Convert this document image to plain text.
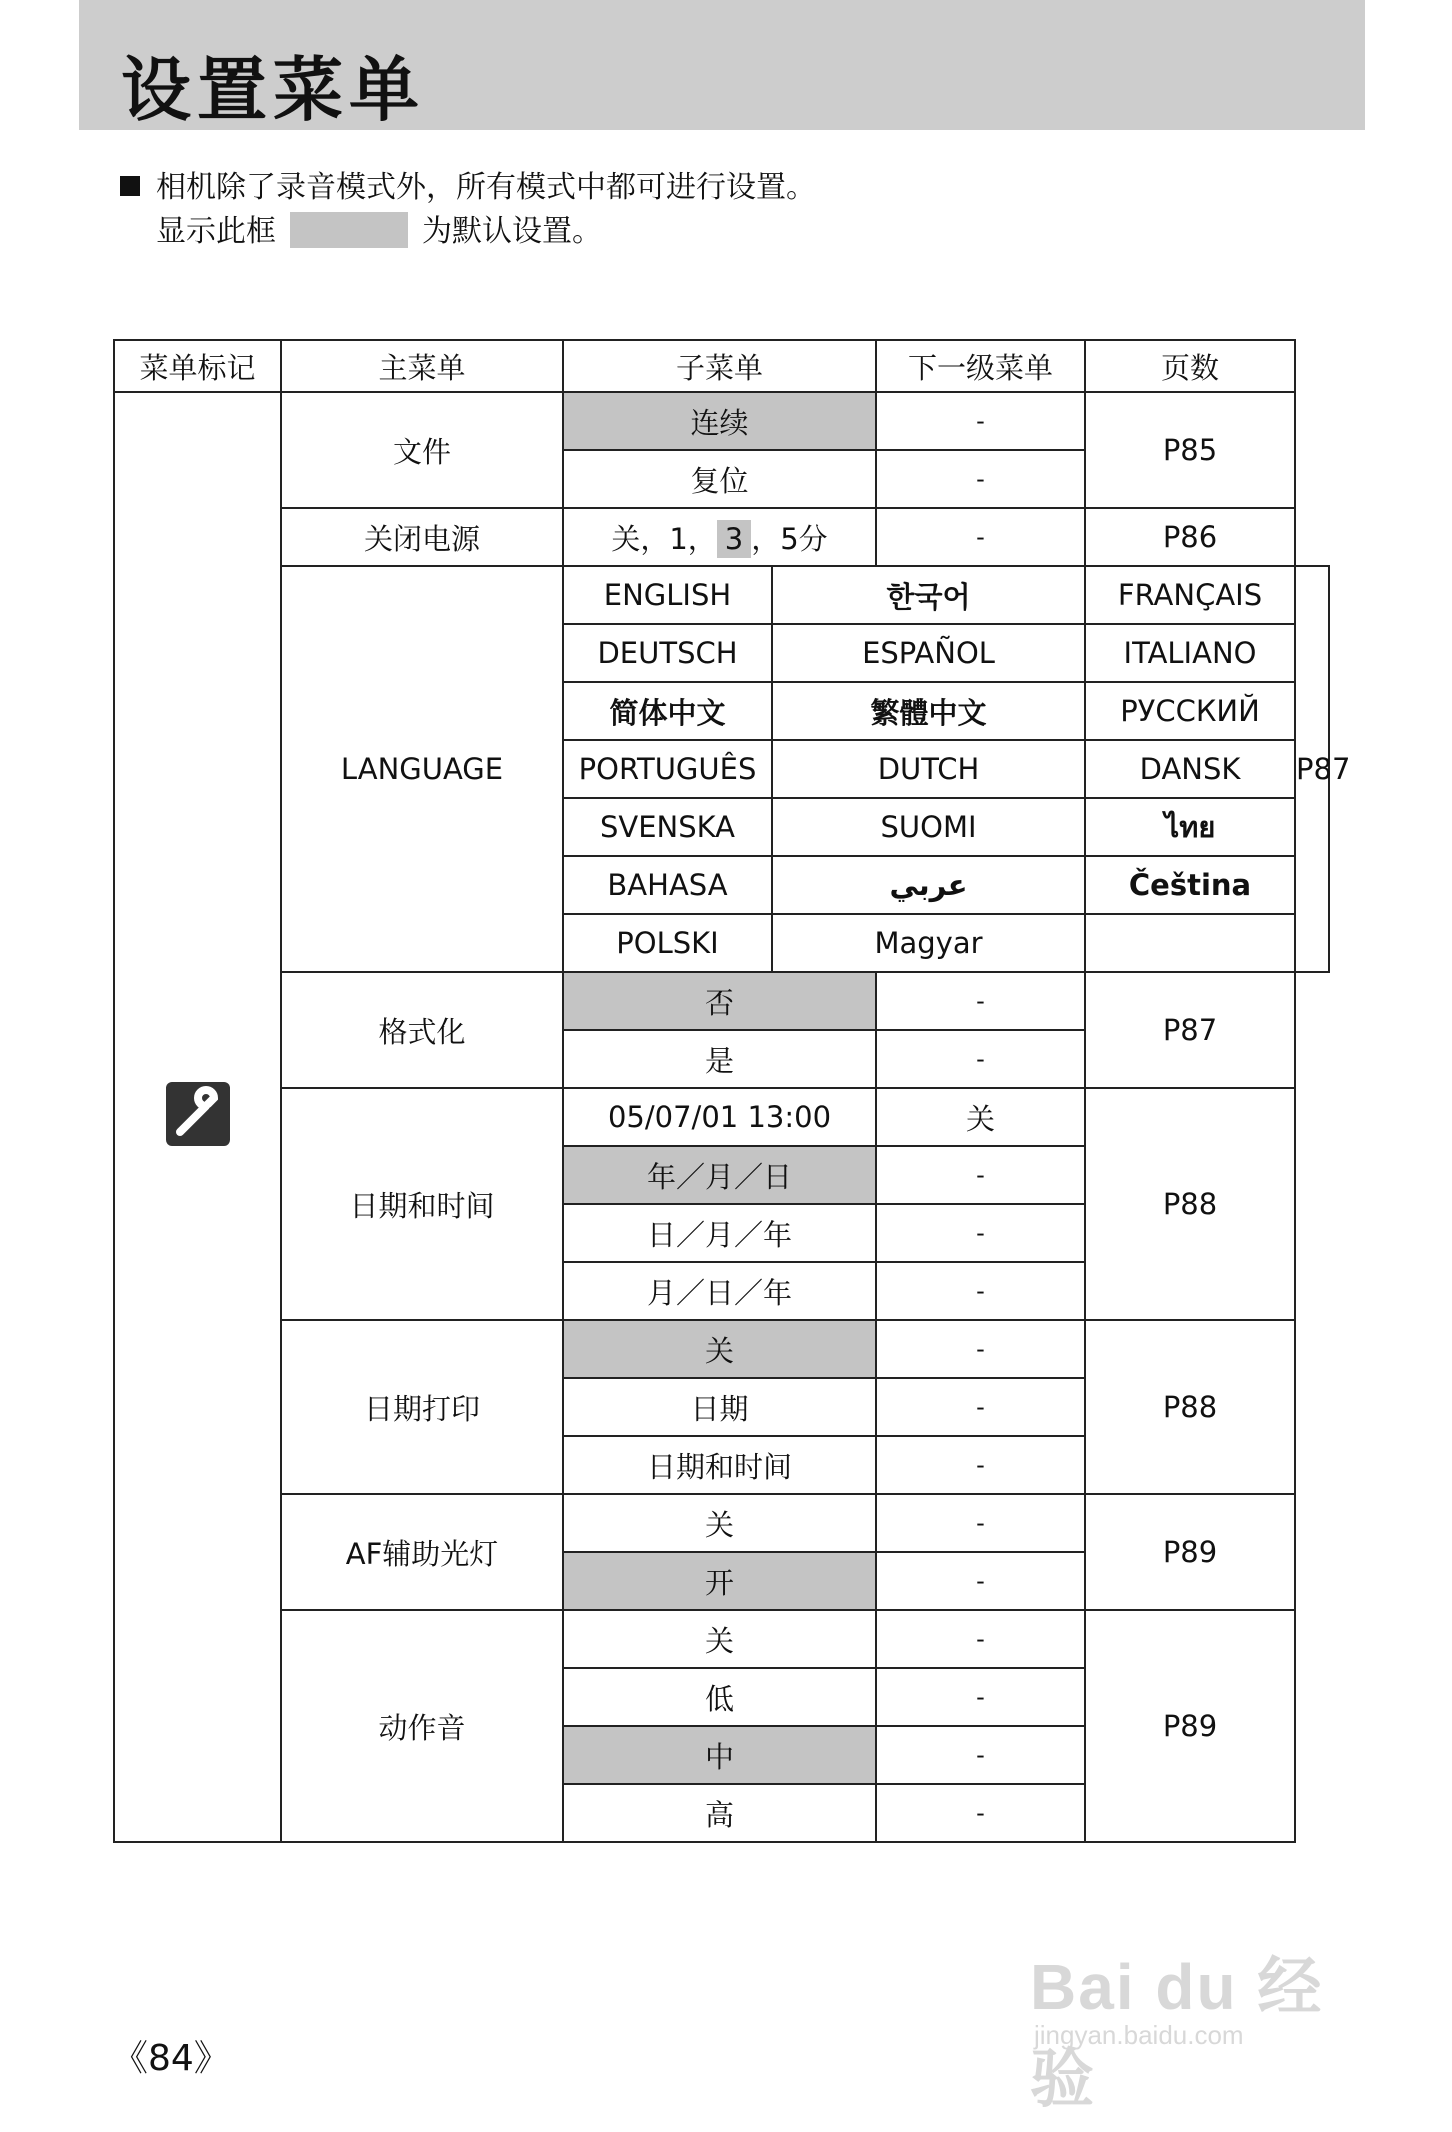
设置菜单
相机除了录音模式外，所有模式中都可进行设置。
显示此框	为默认设置。
菜单标记	主菜单	子菜单		下一级菜单	页数	

	文件	连续		-	P85	
		复位		-		
	关闭电源	关，1， 3 ，5分		-	P86	
	LANGUAGE	ENGLISH	한국어		FRANÇAIS	P87
		DEUTSCH	ESPAÑOL		ITALIANO	
		简体中文	繁體中文		РУССКИЙ	
		PORTUGUÊS	DUTCH		DANSK	
		SVENSKA	SUOMI		ไทย	
		BAHASA	عربي		Čeština	
		POLSKI	Magyar			
	格式化	否		-	P87	
		是		-		
	日期和时间	05/07/01 13:00		关	P88	
		年／月／日		-		
		日／月／年		-		
		月／日／年		-		
	日期打印	关		-	P88	
		日期		-		
		日期和时间		-		
	AF辅助光灯	关		-	P89	
		开		-		
	动作音	关		-	P89	
		低		-		
		中		-		
		高		-		
《84》
Bai du 经验
jingyan.baidu.com
